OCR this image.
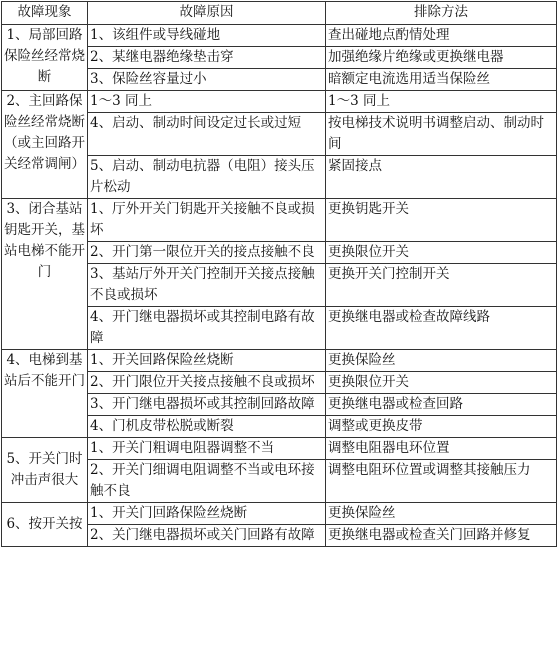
故障现象	故障原因	排除方法
1、局部回路保险丝经常烧断	1、该组件或导线碰地	查出碰地点酌情处理
	2、某继电器绝缘垫击穿	加强绝缘片绝缘或更换继电器
	3、保险丝容量过小	暗额定电流选用适当保险丝
2、主回路保险丝经常烧断（或主回路开关经常调闸）	1～3 同上	1～3 同上
	4、启动、制动时间设定过长或过短	按电梯技术说明书调整启动、制动时间
	5、启动、制动电抗器（电阻）接头压片松动	紧固接点
3、闭合基站钥匙开关，基站电梯不能开门	1、厅外开关门钥匙开关接触不良或损坏	更换钥匙开关
	2、开门第一限位开关的接点接触不良	更换限位开关
	3、基站厅外开关门控制开关接点接触不良或损坏	更换开关门控制开关
	4、开门继电器损坏或其控制电路有故障	更换继电器或检查故障线路
4、电梯到基站后不能开门	1、开关回路保险丝烧断	更换保险丝
	2、开门限位开关接点接触不良或损坏	更换限位开关
	3、开门继电器损坏或其控制回路故障	更换继电器或检查回路
	4、门机皮带松脱或断裂	调整或更换皮带
5、开关门时冲击声很大	1、开关门粗调电阻器调整不当	调整电阻器电环位置
	2、开关门细调电阻调整不当或电环接触不良	调整电阻环位置或调整其接触压力
6、按开关按	1、开关门回路保险丝烧断	更换保险丝
	2、关门继电器损坏或关门回路有故障	更换继电器或检查关门回路并修复
